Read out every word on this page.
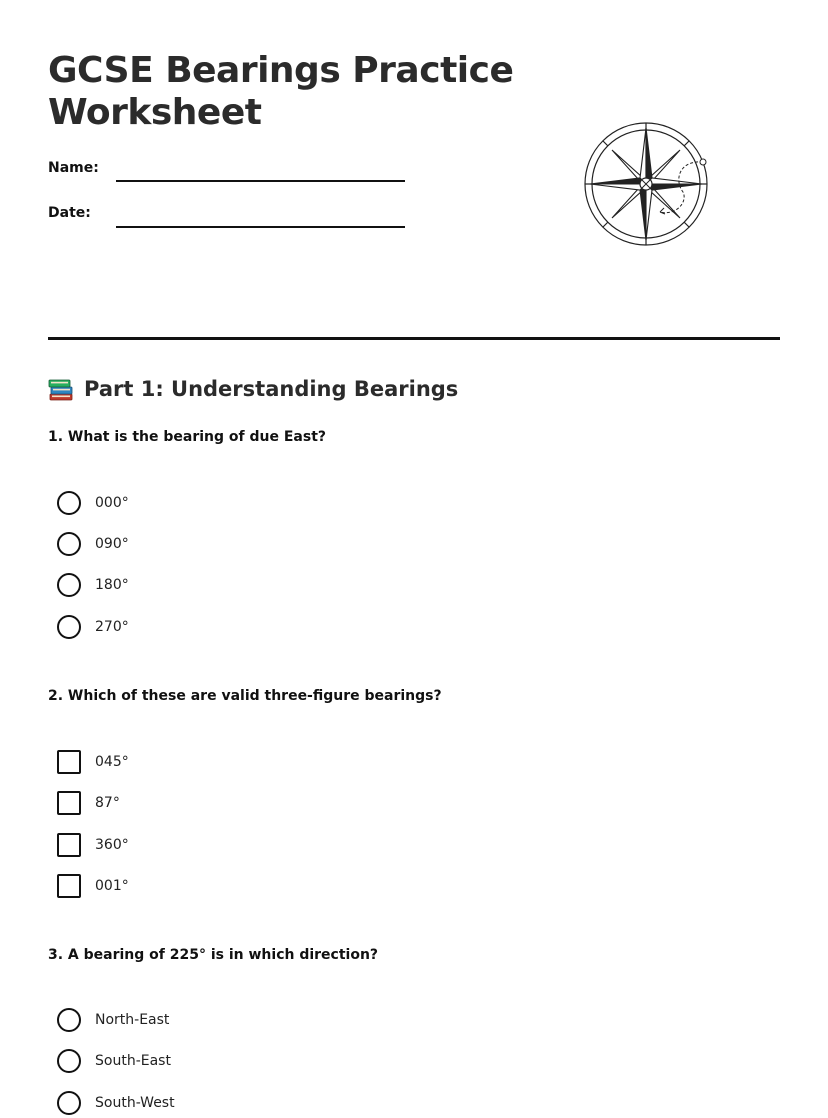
GCSE Bearings Practice Worksheet
Name:
Date:
Part 1: Understanding Bearings
1. What is the bearing of due East?
000°
090°
180°
270°
2. Which of these are valid three-figure bearings?
045°
87°
360°
001°
3. A bearing of 225° is in which direction?
North-East
South-East
South-West
